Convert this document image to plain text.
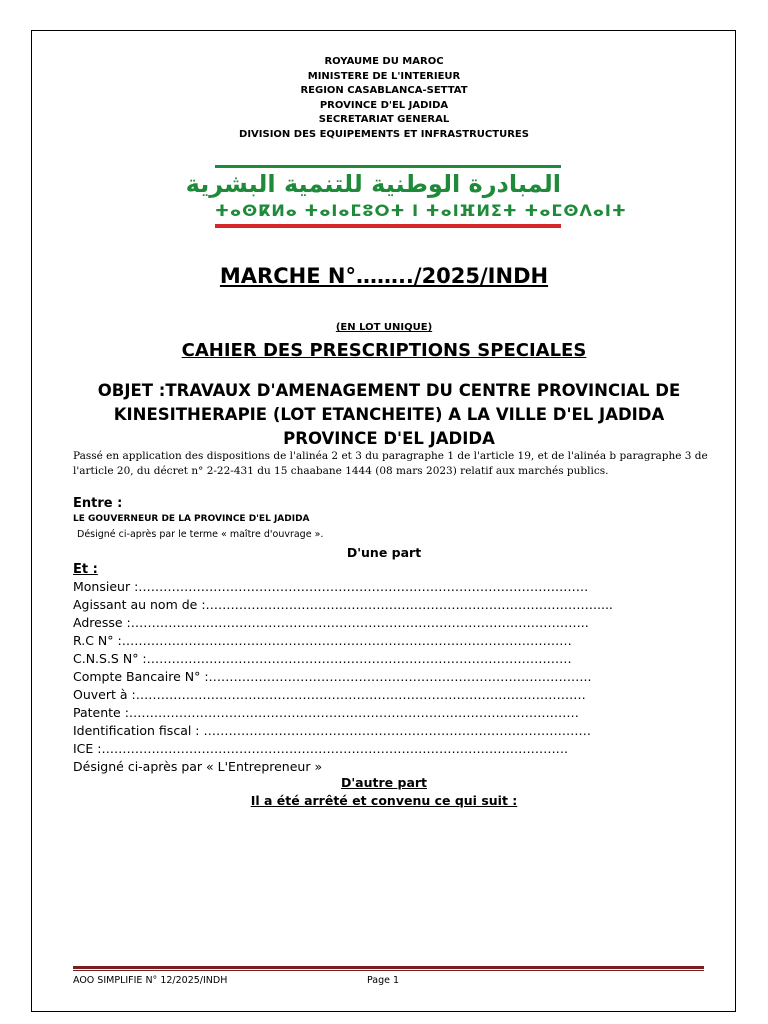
ROYAUME DU MAROC
MINISTERE DE L'INTERIEUR
REGION CASABLANCA-SETTAT
PROVINCE D'EL JADIDA
SECRETARIAT GENERAL
DIVISION DES EQUIPEMENTS ET INFRASTRUCTURES
المبادرة الوطنية للتنمية البشرية
ⵜⴰⵙⴽⵍⴰ ⵜⴰⵏⴰⵎⵓⵔⵜ ⵏ ⵜⴰⵏⴼⵍⵉⵜ ⵜⴰⵎⵙⴷⴰⵏⵜ
MARCHE N°……../2025/INDH
(EN LOT UNIQUE)
CAHIER DES PRESCRIPTIONS SPECIALES
OBJET :TRAVAUX D'AMENAGEMENT DU CENTRE PROVINCIAL DE KINESITHERAPIE (LOT ETANCHEITE) A LA VILLE D'EL JADIDA PROVINCE D'EL JADIDA
Passé en application des dispositions de l'alinéa 2 et 3 du paragraphe 1 de l'article 19, et de l'alinéa b paragraphe 3 de l'article 20, du décret n° 2-22-431 du 15 chaabane 1444 (08 mars 2023) relatif aux marchés publics.
Entre :
LE GOUVERNEUR DE LA PROVINCE D'EL JADIDA
Désigné ci-après par le terme « maître d'ouvrage ».
D'une part
Et :
Monsieur :………………………………………………………………………………………………
Agissant au nom de :………………………………………………………………………………….....
Adresse :………………………………………………………………………………………………..
R.C N° :………………………………………………………………………………………………
C.N.S.S N° :…………………………………………………………………………………………
Compte Bancaire N° :………………………………………………………………………………..
Ouvert à :………………………………………………………………………………………………
Patente :………………………………………………………………………………………………
Identification fiscal : …………………………………………………………………………………
ICE :………………………………………………………………………………………………….
Désigné ci-après par « L'Entrepreneur »
D'autre part
Il a été arrêté et convenu ce qui suit :
AOO SIMPLIFIE N° 12/2025/INDH	Page 1
